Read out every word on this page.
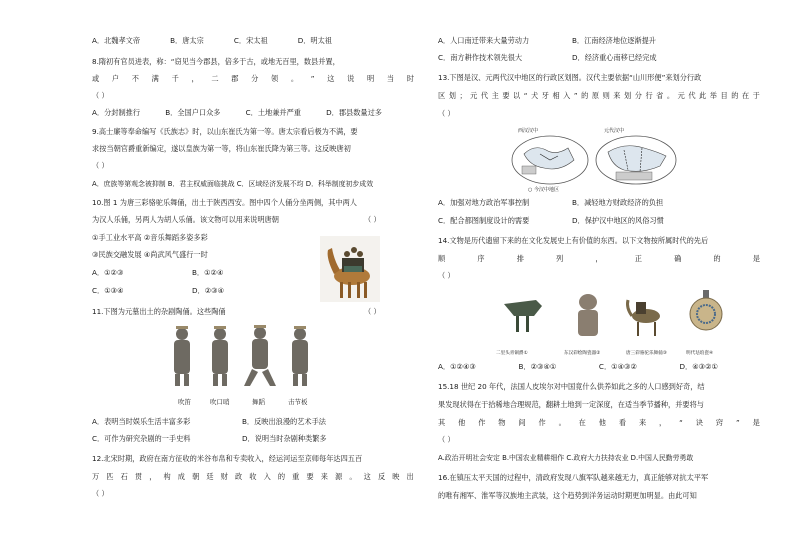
A．北魏孝文帝	B．唐太宗	C．宋太祖	D．明太祖
8.隋初有官员进表，称：“窃见当今郡县，倍多于古，或地无百里，数县并置，
或 户 不 满 千 ， 二 郡 分 领 。 ” 这 说 明 当 时
（ ）
A．分封制推行	B．全国户口众多	C．土地兼并严重	D．郡县数量过多
9.高士廉等奉命编写《氏族志》时，以山东崔氏为第一等。唐太宗看后极为不满，要
求按当朝官爵重新编定，遂以皇族为第一等，将山东崔氏降为第三等。这反映唐初
（ ）
A．庶族等第观念被抑制 B．君主权威面临挑战 C．区域经济发展不均 D．科举制度初步成效
10.图 1 为唐三彩骆驼乐舞俑，出土于陕西西安。图中四个人俑分坐两侧，其中两人
为汉人乐俑，另两人为胡人乐俑。该文物可以用来说明唐朝	（ ）
①手工业水平高 ②音乐舞蹈多姿多彩
③民族交融发展 ④尚武风气盛行一时
A．①②③	B．①②④
C．①③④	D．②③④
11.下图为元墓出土的杂剧陶俑。这些陶俑	（ ）
吹笛	吹口哨	舞蹈	击节板
A．表明当时娱乐生活丰富多彩	B．反映出浪漫的艺术手法
C．可作为研究杂剧的一手史料	D．说明当时杂剧种类繁多
12.北宋时期，政府在南方征收的米谷布帛和专卖收入，经运河运至京师每年达四五百
万 匹 石 贯 ， 构 成 朝 廷 财 政 收 入 的 重 要 来 源 。 这 反 映 出
（ ）
A．人口南迁带来大量劳动力	B．江南经济地位逐渐提升
C．南方耕作技术领先很大	D．经济重心南移已经完成
13.下图是汉、元两代汉中地区的行政区划图。汉代主要依据“山川形便”来划分行政
区 划 ； 元 代 主 要 以 “ 犬 牙 相 入 ” 的 原 则 来 划 分 行 省 。 元 代 此 举 目 的 在 于
（ ）
西汉汉中	元代汉中
○ 今汉中地区
A．加强对地方政治军事控制	B．减轻地方财政经济的负担
C．配合都图制度设计的需要	D．保护汉中地区的风俗习惯
14.文物是历代遗留下来的在文化发展史上有价值的东西。以下文物按所属时代的先后
顺	序	排	列	，	正	确	的	是
（ ）
二里头青铜爵①	东汉彩绘陶瓷器②	唐三彩骆驼乐舞俑③	明代珐琅瓷④
A．①②④③	B．②③④①	C．①④③②	D．④③②①
15.18 世纪 20 年代，法国人皮埃尔对中国竟什么供养如此之多的人口感到好奇，结
果发现状得在于拾稀地合理规范，翻耕土地到一定深度，在适当季节播种，并要将与
其 他 作 物 间 作 。 在 他 看 来 ， “ 诀 窍 ” 是
（ ）
A.政治开明社会安定 B.中国农业精耕细作 C.政府大力扶持农业 D.中国人民勤劳勇敢
16.在镇压太平天国的过程中，清政府发现八旗军队越来越无力，真正能够对抗太平军
的唯有湘军、淮军等汉族地主武装，这个趋势到洋务运动时期更加明显。由此可知
